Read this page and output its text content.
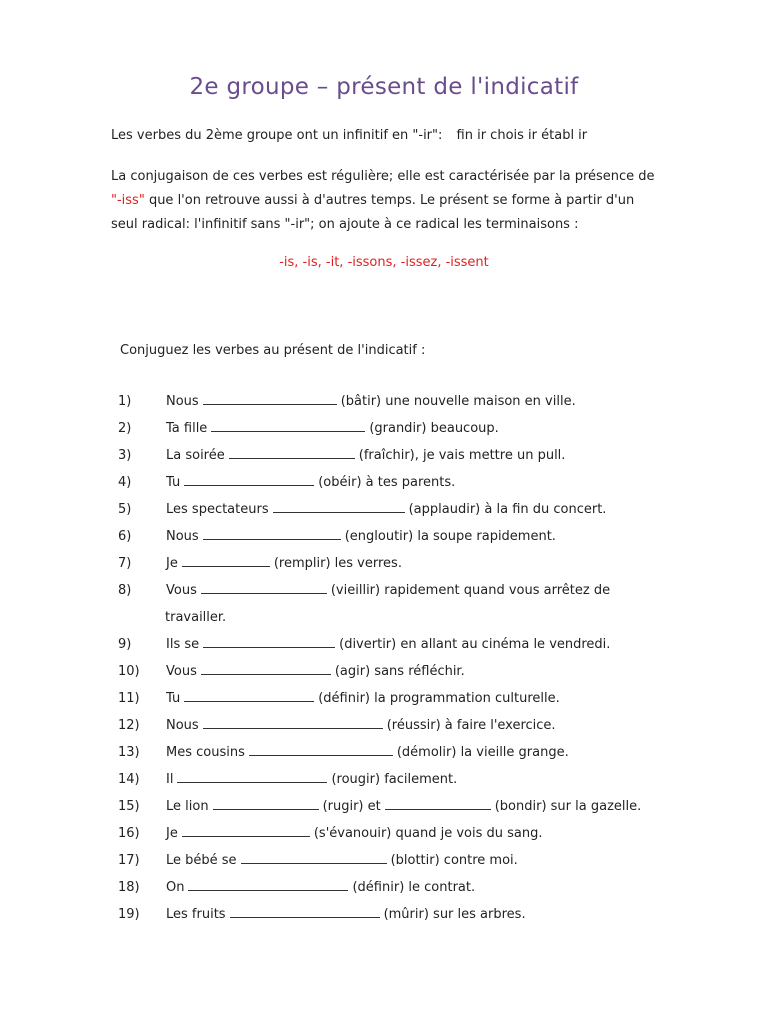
2e groupe – présent de l'indicatif
Les verbes du 2ème groupe ont un infinitif en "-ir": fin ir chois ir établ ir
La conjugaison de ces verbes est régulière; elle est caractérisée par la présence de
"-iss" que l'on retrouve aussi à d'autres temps. Le présent se forme à partir d'un
seul radical: l'infinitif sans "-ir"; on ajoute à ce radical les terminaisons :
-is, -is, -it, -issons, -issez, -issent
Conjuguez les verbes au présent de l'indicatif :
1)	Nous	(bâtir) une nouvelle maison en ville.
2)	Ta fille	(grandir) beaucoup.
3)	La soirée	(fraîchir), je vais mettre un pull.
4)	Tu	(obéir) à tes parents.
5)	Les spectateurs	(applaudir) à la fin du concert.
6)	Nous	(engloutir) la soupe rapidement.
7)	Je	(remplir) les verres.
8)	Vous	(vieillir) rapidement quand vous arrêtez de
travailler.
9)	Ils se	(divertir) en allant au cinéma le vendredi.
10) Vous	(agir) sans réfléchir.
11) Tu	(définir) la programmation culturelle.
12) Nous	(réussir) à faire l'exercice.
13) Mes cousins	(démolir) la vieille grange.
14) Il	(rougir) facilement.
15) Le lion	(rugir) et	(bondir) sur la gazelle.
16) Je	(s'évanouir) quand je vois du sang.
17) Le bébé se	(blottir) contre moi.
18) On	(définir) le contrat.
19) Les fruits	(mûrir) sur les arbres.
